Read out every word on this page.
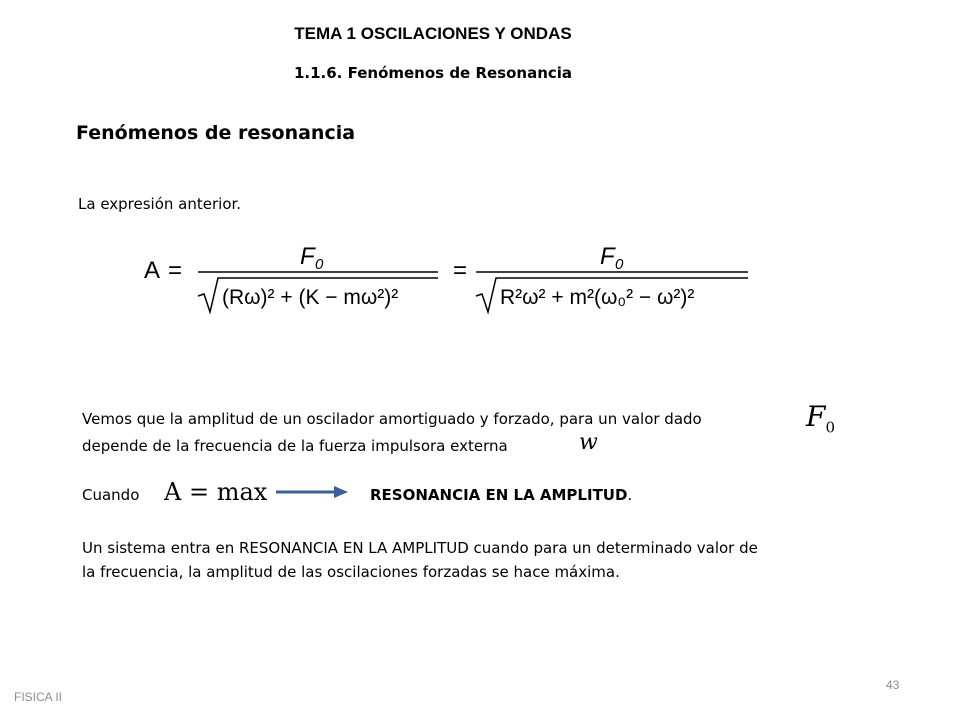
TEMA 1 OSCILACIONES Y ONDAS
1.1.6. Fenómenos de Resonancia
Fenómenos de resonancia
La expresión anterior.
A =
F 0
(Rω)² + (K − mω²)²
=
F 0
R²ω² + m²(ω₀² − ω²)²
Vemos que la amplitud de un oscilador amortiguado y forzado, para un valor dado	$F_0$
depende de la frecuencia de la fuerza impulsora externa	w
Cuando A = max	RESONANCIA EN LA AMPLITUD.
Un sistema entra en RESONANCIA EN LA AMPLITUD cuando para un determinado valor de
la frecuencia, la amplitud de las oscilaciones forzadas se hace máxima.
FISICA II
43
